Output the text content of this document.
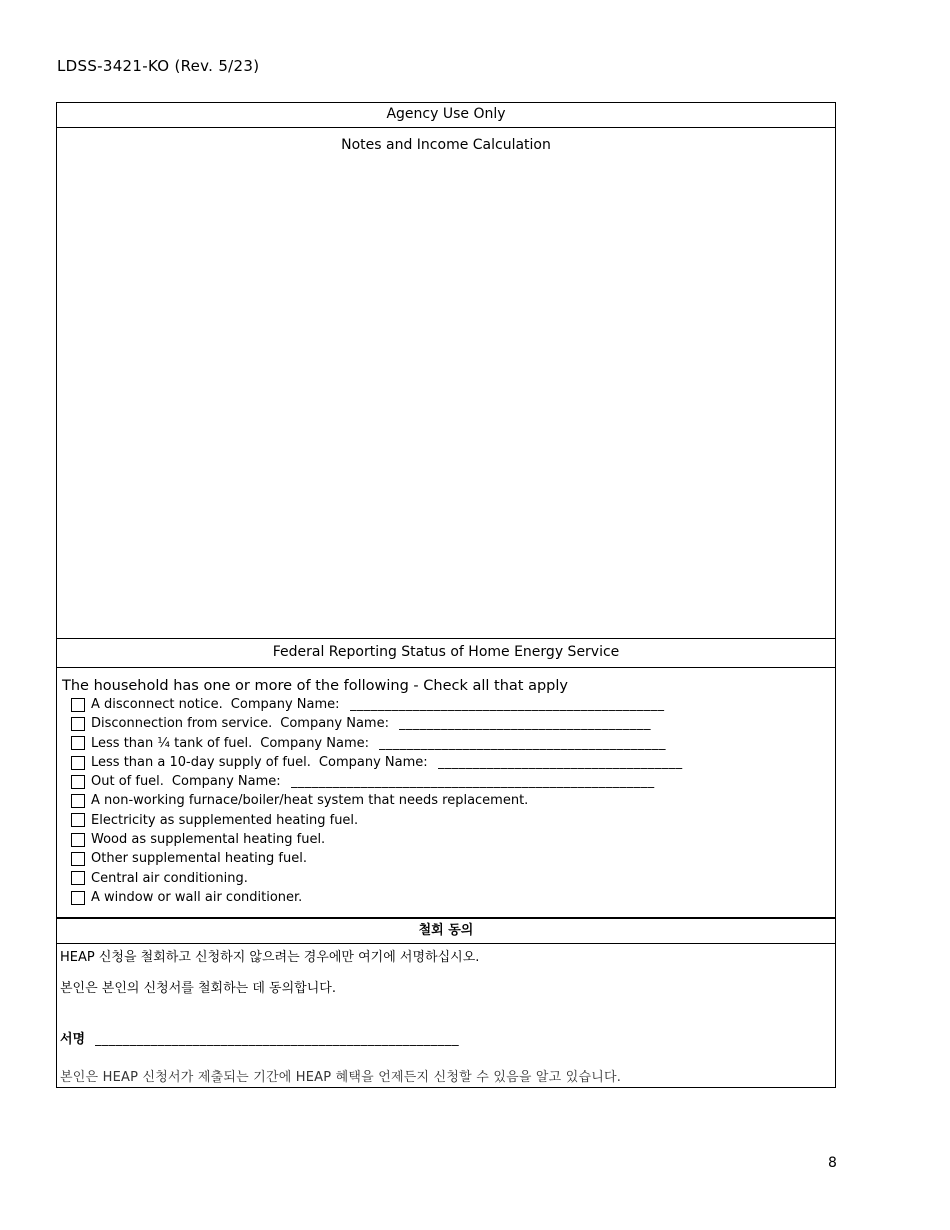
LDSS-3421-KO (Rev. 5/23)
Agency Use Only
Notes and Income Calculation
Federal Reporting Status of Home Energy Service
The household has one or more of the following - Check all that apply
A disconnect notice. Company Name: _____________________________________________
Disconnection from service. Company Name: ____________________________________
Less than ¼ tank of fuel. Company Name: _________________________________________
Less than a 10-day supply of fuel. Company Name: ___________________________________
Out of fuel. Company Name: ____________________________________________________
A non-working furnace/boiler/heat system that needs replacement.
Electricity as supplemented heating fuel.
Wood as supplemental heating fuel.
Other supplemental heating fuel.
Central air conditioning.
A window or wall air conditioner.
철회 동의
HEAP 신청을 철회하고 신청하지 않으려는 경우에만 여기에 서명하십시오.
본인은 본인의 신청서를 철회하는 데 동의합니다.
서명 ____________________________________________________
본인은 HEAP 신청서가 제출되는 기간에 HEAP 혜택을 언제든지 신청할 수 있음을 알고 있습니다.
8
